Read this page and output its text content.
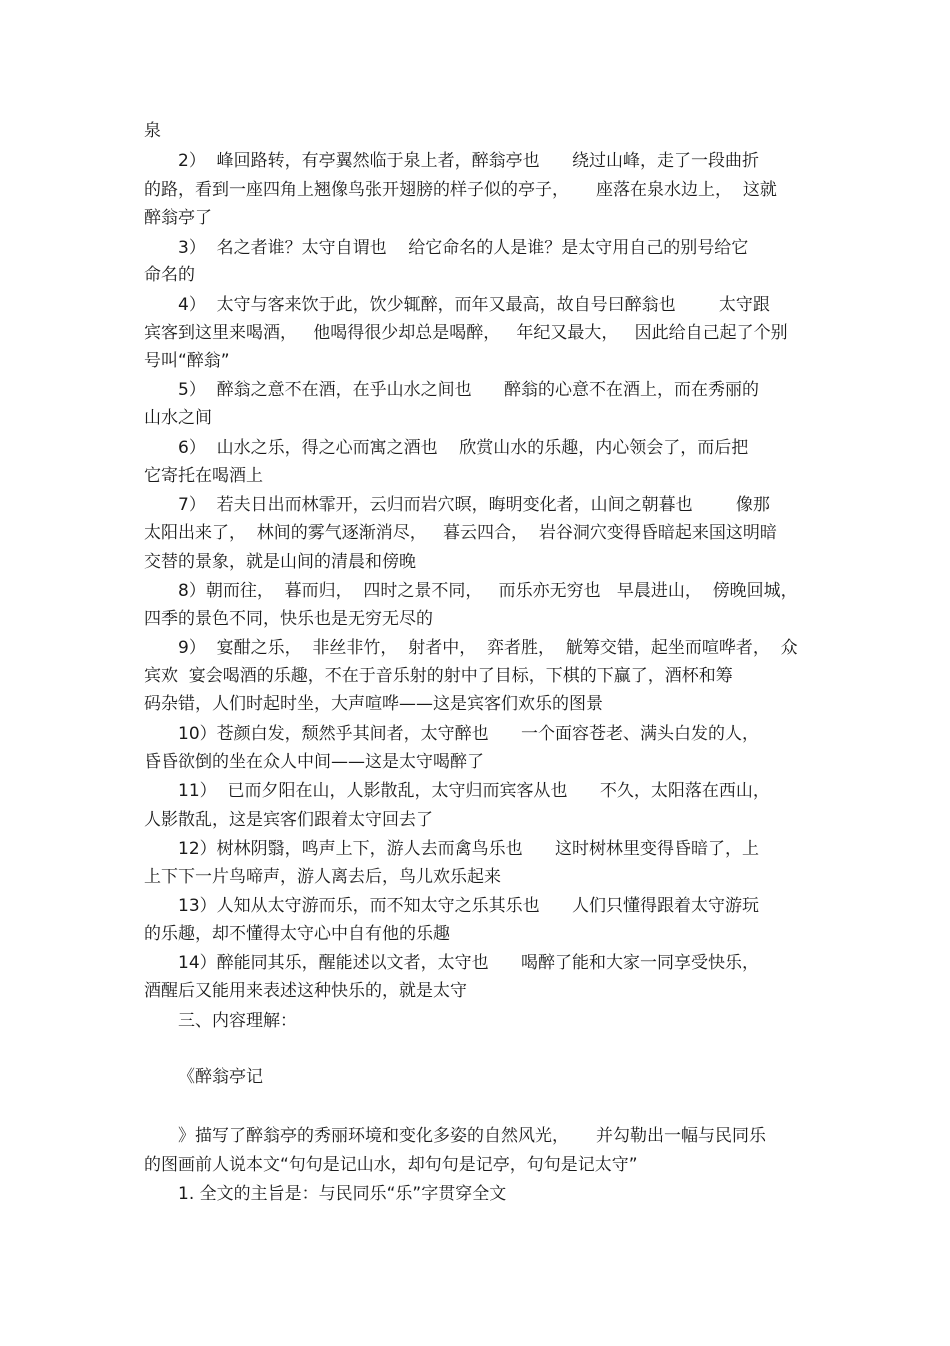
泉
2）  峰回路转，有亭翼然临于泉上者，醉翁亭也      绕过山峰，走了一段曲折
的路，看到一座四角上翘像鸟张开翅膀的样子似的亭子，     座落在泉水边上，  这就
醉翁亭了
3）  名之者谁？太守自谓也    给它命名的人是谁？是太守用自己的别号给它
命名的
4）  太守与客来饮于此，饮少辄醉，而年又最高，故自号曰醉翁也        太守跟
宾客到这里来喝酒，   他喝得很少却总是喝醉，   年纪又最大，   因此给自己起了个别
号叫“醉翁”
5）  醉翁之意不在酒，在乎山水之间也      醉翁的心意不在酒上，而在秀丽的
山水之间
6）  山水之乐，得之心而寓之酒也    欣赏山水的乐趣，内心领会了，而后把
它寄托在喝酒上
7）  若夫日出而林霏开，云归而岩穴暝，晦明变化者，山间之朝暮也        像那
太阳出来了，  林间的雾气逐渐消尽，   暮云四合，  岩谷洞穴变得昏暗起来国这明暗
交替的景象，就是山间的清晨和傍晚
8）朝而往，  暮而归，  四时之景不同，   而乐亦无穷也   早晨进山，  傍晚回城，
四季的景色不同，快乐也是无穷无尽的
9）  宴酣之乐，  非丝非竹，  射者中，  弈者胜，  觥筹交错，起坐而喧哗者，  众
宾欢  宴会喝酒的乐趣，不在于音乐射的射中了目标，下棋的下赢了，酒杯和筹
码杂错，人们时起时坐，大声喧哗——这是宾客们欢乐的图景
10）苍颜白发，颓然乎其间者，太守醉也      一个面容苍老、满头白发的人，
昏昏欲倒的坐在众人中间——这是太守喝醉了
11）  已而夕阳在山，人影散乱，太守归而宾客从也      不久，太阳落在西山，
人影散乱，这是宾客们跟着太守回去了
12）树林阴翳，鸣声上下，游人去而禽鸟乐也      这时树林里变得昏暗了，上
上下下一片鸟啼声，游人离去后，鸟儿欢乐起来
13）人知从太守游而乐，而不知太守之乐其乐也      人们只懂得跟着太守游玩
的乐趣，却不懂得太守心中自有他的乐趣
14）醉能同其乐，醒能述以文者，太守也      喝醉了能和大家一同享受快乐，
酒醒后又能用来表述这种快乐的，就是太守
三、内容理解：
《醉翁亭记
》描写了醉翁亭的秀丽环境和变化多姿的自然风光，     并勾勒出一幅与民同乐
的图画前人说本文“句句是记山水，却句句是记亭，句句是记太守”
1. 全文的主旨是：与民同乐“乐”字贯穿全文
